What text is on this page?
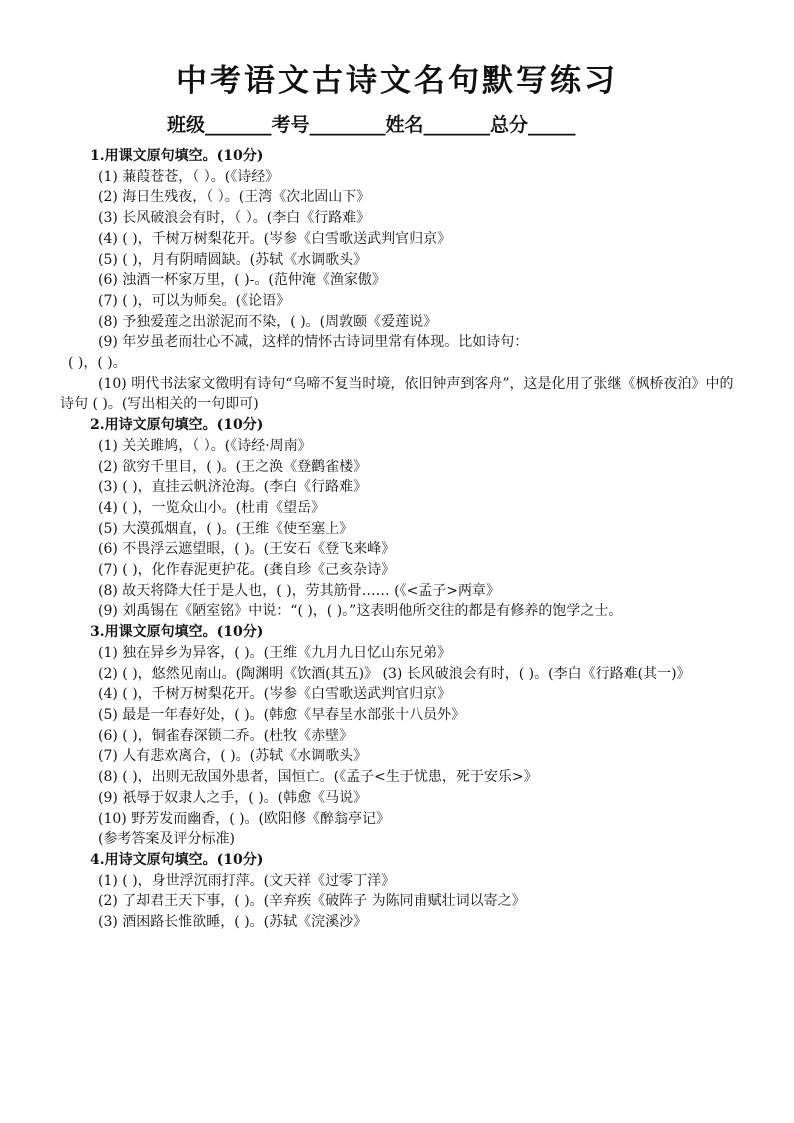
中考语文古诗文名句默写练习
班级_______考号________姓名_______总分_____

1.用课文原句填空。(10分)

(1) 蒹葭苍苍，（ ）。(《诗经》

(2) 海日生残夜，（ ）。(王湾《次北固山下》

(3) 长风破浪会有时，（ ）。(李白《行路难》

(4) ( )，千树万树梨花开。(岑参《白雪歌送武判官归京》

(5) ( )，月有阴晴圆缺。(苏轼《水调歌头》

(6) 浊酒一杯家万里，( )-。(范仲淹《渔家傲》

(7) ( )，可以为师矣。(《论语》

(8) 予独爱莲之出淤泥而不染，( )。(周敦颐《爱莲说》

(9) 年岁虽老而壮心不减，这样的情怀古诗词里常有体现。比如诗句：

( )，( )。

(10) 明代书法家文徵明有诗句“乌啼不复当时境，依旧钟声到客舟”，这是化用了张继《枫桥夜泊》中的诗句 ( )。(写出相关的一句即可)

2.用诗文原句填空。(10分)

(1) 关关雎鸠，（ ）。(《诗经·周南》

(2) 欲穷千里目，( )。(王之涣《登鹳雀楼》

(3) ( )，直挂云帆济沧海。(李白《行路难》

(4) ( )，一览众山小。(杜甫《望岳》

(5) 大漠孤烟直，( )。(王维《使至塞上》

(6) 不畏浮云遮望眼，( )。(王安石《登飞来峰》

(7) ( )，化作春泥更护花。(龚自珍《己亥杂诗》

(8) 故天将降大任于是人也，( )，劳其筋骨…… (《<孟子>两章》

(9) 刘禹锡在《陋室铭》中说：“( )，( )。”这表明他所交往的都是有修养的饱学之士。

3.用课文原句填空。(10分)

(1) 独在异乡为异客，( )。(王维《九月九日忆山东兄弟》

(2) ( )，悠然见南山。(陶渊明《饮酒(其五)》 (3) 长风破浪会有时，( )。(李白《行路难(其一)》

(4) ( )，千树万树梨花开。(岑参《白雪歌送武判官归京》

(5) 最是一年春好处，( )。(韩愈《早春呈水部张十八员外》

(6) ( )，铜雀春深锁二乔。(杜牧《赤壁》

(7) 人有悲欢离合，( )。(苏轼《水调歌头》

(8) ( )，出则无敌国外患者，国恒亡。(《孟子<生于忧患，死于安乐>》

(9) 祇辱于奴隶人之手，( )。(韩愈《马说》

(10) 野芳发而幽香，( )。(欧阳修《醉翁亭记》

(参考答案及评分标准)

4.用诗文原句填空。(10分)

(1) ( )，身世浮沉雨打萍。(文天祥《过零丁洋》

(2) 了却君王天下事，( )。(辛弃疾《破阵子 为陈同甫赋壮词以寄之》

(3) 酒困路长惟欲睡，( )。(苏轼《浣溪沙》
